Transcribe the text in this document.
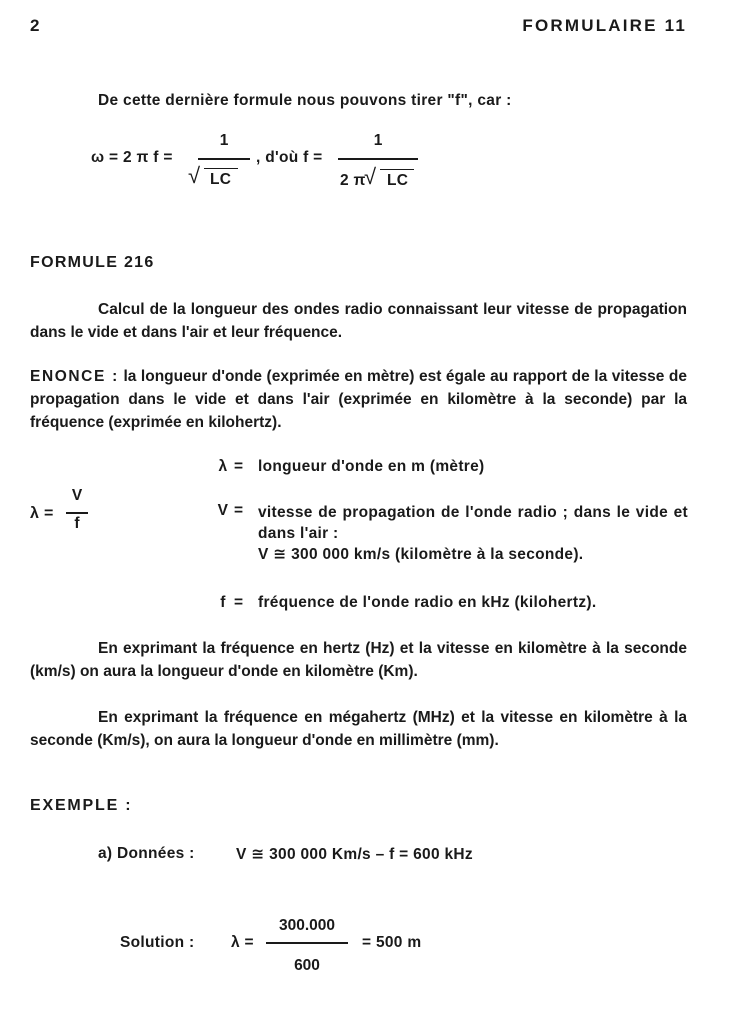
2	FORMULAIRE 11
De cette dernière formule nous pouvons tirer "f", car :
ω = 2 π f =
1
√ LC
, d'où f =
1
2 π
√ LC
FORMULE 216
Calcul de la longueur des ondes radio connaissant leur vitesse de propagation dans le vide et dans l'air et leur fréquence.
ENONCE : la longueur d'onde (exprimée en mètre) est égale au rapport de la vitesse de propagation dans le vide et dans l'air (exprimée en kilomètre à la seconde) par la fréquence (exprimée en kilohertz).
λ =
V
f
λ = longueur d'onde en m (mètre)
V = vitesse de propagation de l'onde radio ; dans le vide et dans l'air :
V ≅ 300 000 km/s (kilomètre à la seconde).
f = fréquence de l'onde radio en kHz (kilohertz).
En exprimant la fréquence en hertz (Hz) et la vitesse en kilomètre à la seconde (km/s) on aura la longueur d'onde en kilomètre (Km).
En exprimant la fréquence en mégahertz (MHz) et la vitesse en kilomètre à la seconde (Km/s), on aura la longueur d'onde en millimètre (mm).
EXEMPLE :
a) Données :	V ≅ 300 000 Km/s – f = 600 kHz
Solution : λ =
300.000
600
= 500 m
